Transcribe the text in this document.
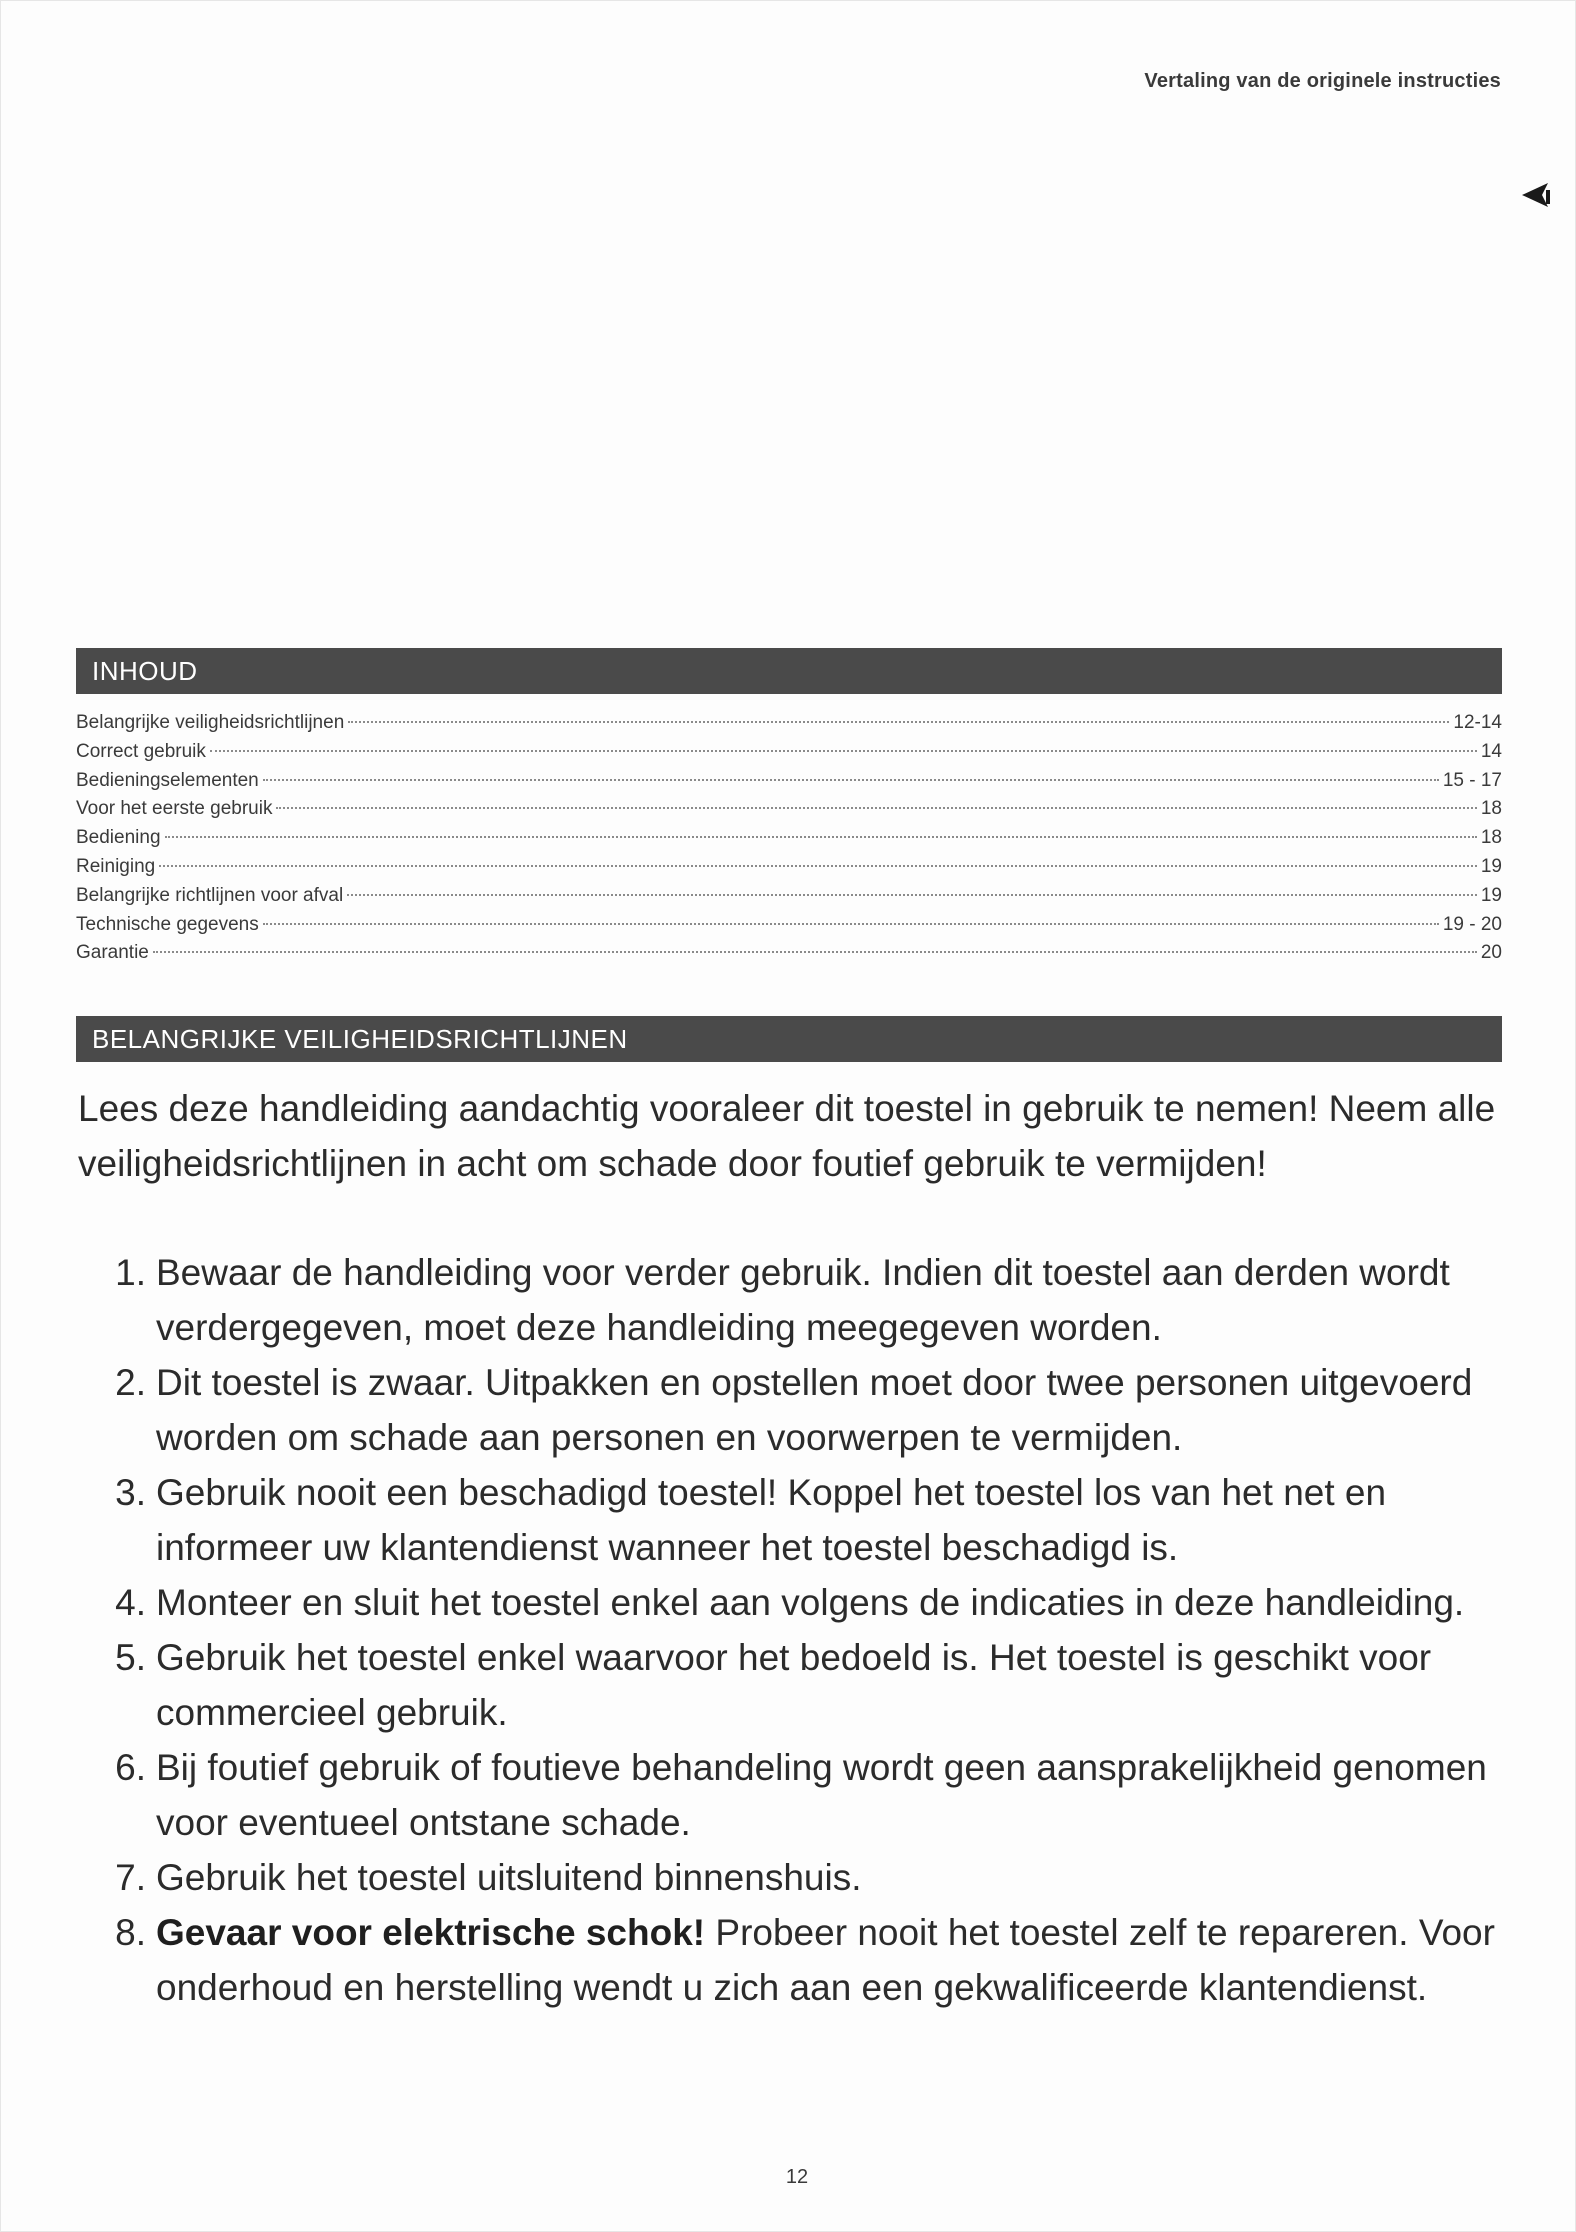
Vertaling van de originele instructies
INHOUD
Belangrijke veiligheidsrichtlijnen	12-14
Correct gebruik	14
Bedieningselementen	15 - 17
Voor het eerste gebruik	18
Bediening	18
Reiniging	19
Belangrijke richtlijnen voor afval	19
Technische gegevens	19 - 20
Garantie	20
BELANGRIJKE VEILIGHEIDSRICHTLIJNEN

Lees deze handleiding aandachtig vooraleer dit toestel in gebruik te nemen! Neem alle veiligheidsrichtlijnen in acht om schade door foutief gebruik te vermijden!

1. Bewaar de handleiding voor verder gebruik. Indien dit toestel aan derden wordt verdergegeven, moet deze handleiding meegegeven worden.
2. Dit toestel is zwaar. Uitpakken en opstellen moet door twee personen uitgevoerd worden om schade aan personen en voorwerpen te vermijden.
3. Gebruik nooit een beschadigd toestel! Koppel het toestel los van het net en informeer uw klantendienst wanneer het toestel beschadigd is.
4. Monteer en sluit het toestel enkel aan volgens de indicaties in deze handleiding.
5. Gebruik het toestel enkel waarvoor het bedoeld is. Het toestel is geschikt voor commercieel gebruik.
6. Bij foutief gebruik of foutieve behandeling wordt geen aansprakelijkheid genomen voor eventueel ontstane schade.
7. Gebruik het toestel uitsluitend binnenshuis.
8. Gevaar voor elektrische schok! Probeer nooit het toestel zelf te repareren. Voor onderhoud en herstelling wendt u zich aan een gekwalificeerde klantendienst.
12
